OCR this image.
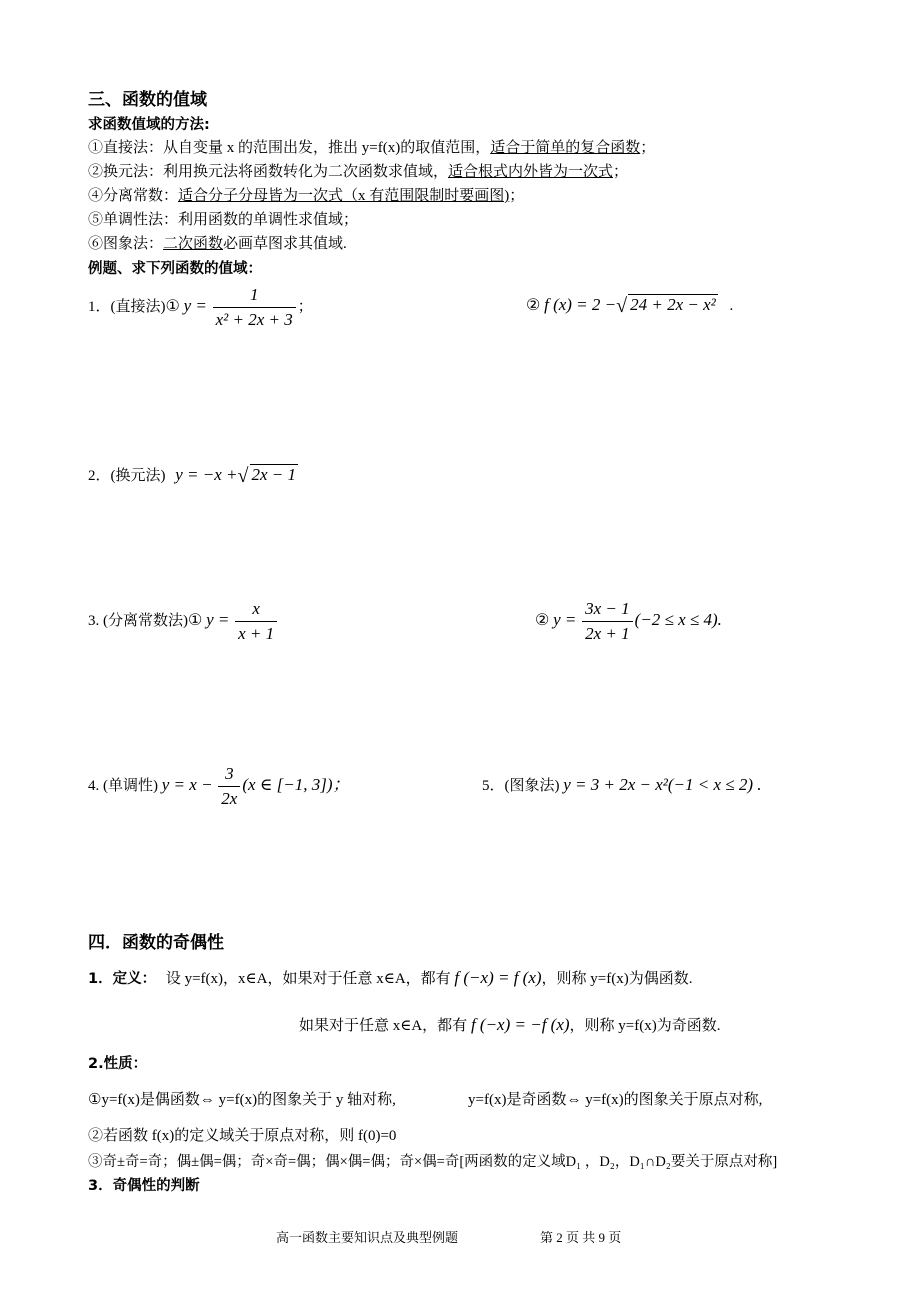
三、函数的值域
求函数值域的方法:
①直接法：从自变量 x 的范围出发，推出 y=f(x)的取值范围，适合于简单的复合函数；
②换元法：利用换元法将函数转化为二次函数求值域，适合根式内外皆为一次式；
④分离常数：适合分子分母皆为一次式（x 有范围限制时要画图)；
⑤单调性法：利用函数的单调性求值域；
⑥图象法：二次函数必画草图求其值域.
例题、求下列函数的值域：
1．(直接法)① $y = \frac{1}{\text{x² + 2x + 3}}$ ；	② f (x) = 2 −√ 24 + 2x − x² .
2．(换元法) y = −x +√ 2x − 1
3. (分离常数法)① $y = \frac{x}{x + 1}$	② $y = \frac{3x - 1}{2x + 1} (-2 \le x \le 4)$.
4. (单调性) $y = x - \frac{3}{2x} (x$ ∈ [−1, 3])；	5．(图象法) y = 3 + 2x − x²(−1 < x ≤ 2) .
四．函数的奇偶性
1．定义： 设 y=f(x)，x∈A，如果对于任意 x∈A，都有 f (−x) = f (x)，则称 y=f(x)为偶函数.
如果对于任意 x∈A，都有 f (−x) = −f (x)，则称 y=f(x)为奇函数.
2.性质：
①y=f(x)是偶函数⇔ y=f(x)的图象关于 y 轴对称,	y=f(x)是奇函数⇔ y=f(x)的图象关于原点对称,
②若函数 f(x)的定义域关于原点对称，则 f(0)=0
③奇±奇=奇；偶±偶=偶；奇×奇=偶；偶×偶=偶；奇×偶=奇[两函数的定义域D₁ ，D₂，D₁∩D₂要关于原点对称]
3．奇偶性的判断
高一函数主要知识点及典型例题	第 2 页 共 9 页
